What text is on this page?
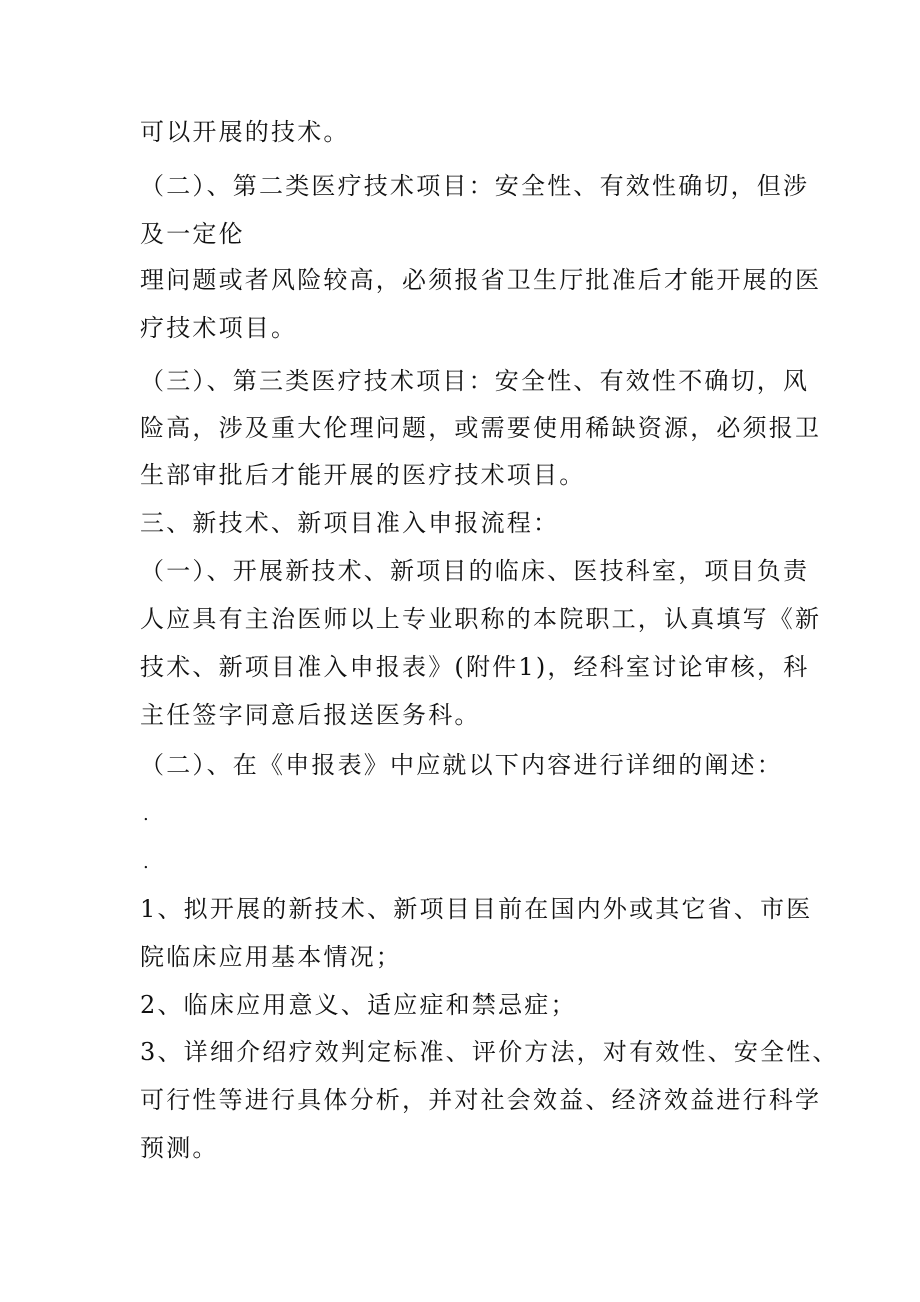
可以开展的技术。
（二）、第二类医疗技术项目：安全性、有效性确切，但涉
及一定伦
理问题或者风险较高，必须报省卫生厅批准后才能开展的医
疗技术项目。
（三）、第三类医疗技术项目：安全性、有效性不确切，风
险高，涉及重大伦理问题，或需要使用稀缺资源，必须报卫
生部审批后才能开展的医疗技术项目。
三、新技术、新项目准入申报流程：
（一）、开展新技术、新项目的临床、医技科室，项目负责
人应具有主治医师以上专业职称的本院职工，认真填写《新
技术、新项目准入申报表》(附件1)，经科室讨论审核，科
主任签字同意后报送医务科。
（二）、在《申报表》中应就以下内容进行详细的阐述：
.
.
1、拟开展的新技术、新项目目前在国内外或其它省、市医
院临床应用基本情况；
2、临床应用意义、适应症和禁忌症；
3、详细介绍疗效判定标准、评价方法，对有效性、安全性、
可行性等进行具体分析，并对社会效益、经济效益进行科学
预测。
